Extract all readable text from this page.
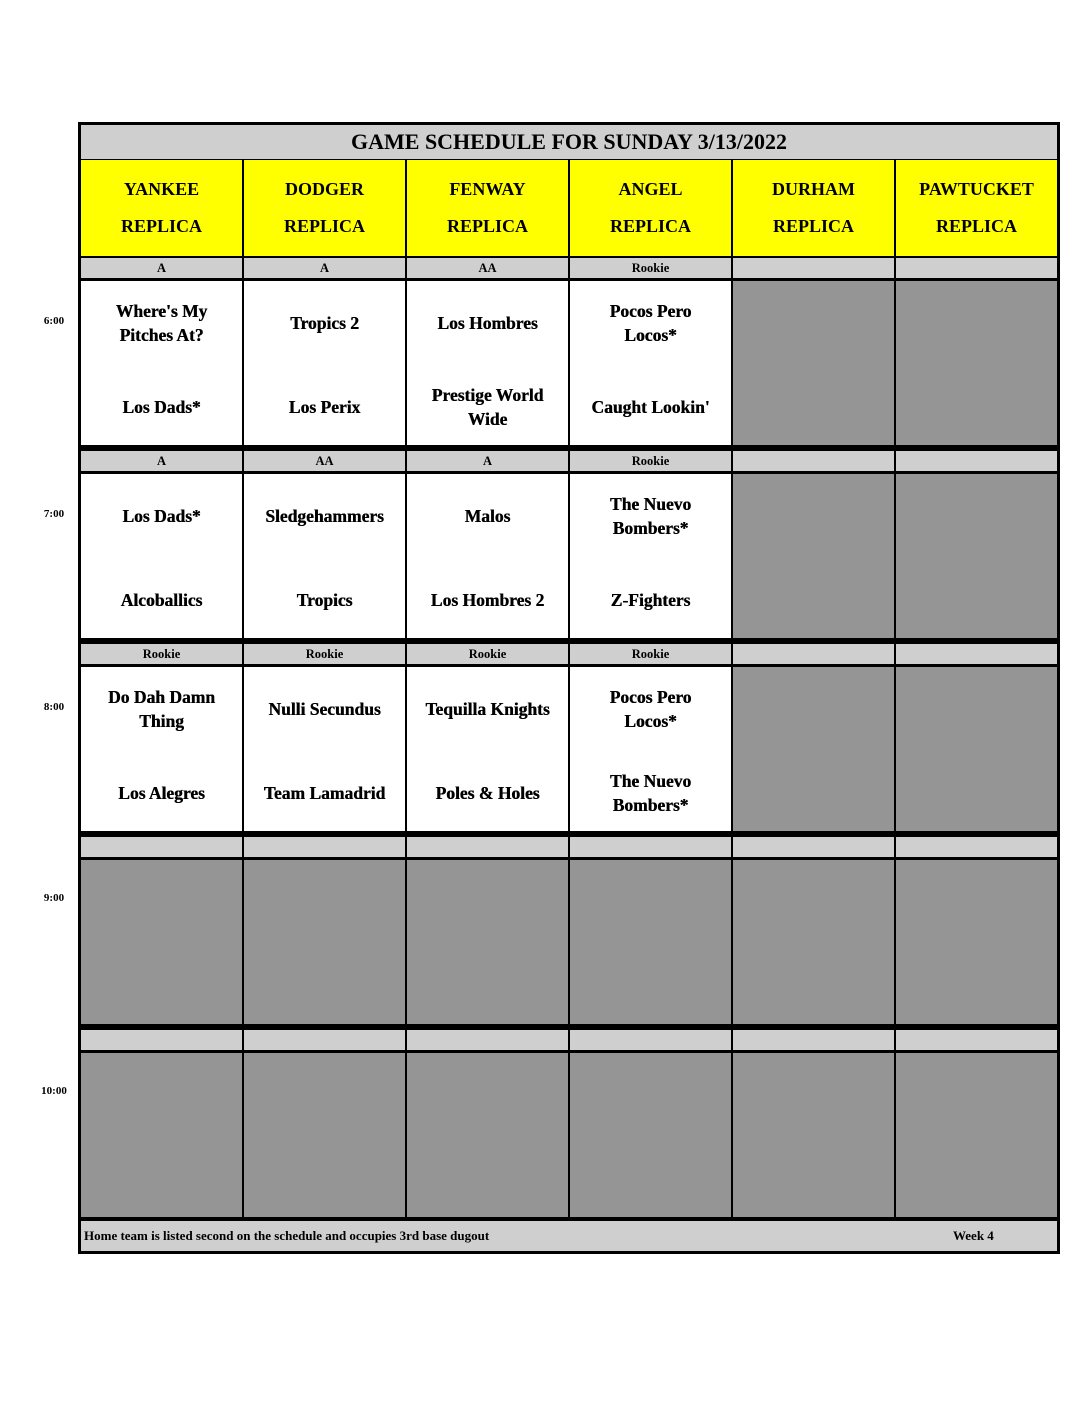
6:00
7:00
8:00
9:00
10:00
GAME SCHEDULE FOR SUNDAY 3/13/2022
YANKEE
REPLICA
DODGER
REPLICA
FENWAY
REPLICA
ANGEL
REPLICA
DURHAM
REPLICA
PAWTUCKET
REPLICA
A
Where's My
Pitches At?
Los Dads*
A
Tropics 2
Los Perix
AA
Los Hombres
Prestige World
Wide
Rookie
Pocos Pero
Locos*
Caught Lookin'
A
Los Dads*
Alcoballics
AA
Sledgehammers
Tropics
A
Malos
Los Hombres 2
Rookie
The Nuevo
Bombers*
Z-Fighters
Rookie
Do Dah Damn
Thing
Los Alegres
Rookie
Nulli Secundus
Team Lamadrid
Rookie
Tequilla Knights
Poles & Holes
Rookie
Pocos Pero
Locos*
The Nuevo
Bombers*
Home team is listed second on the schedule and occupies 3rd base dugout	Week 4
